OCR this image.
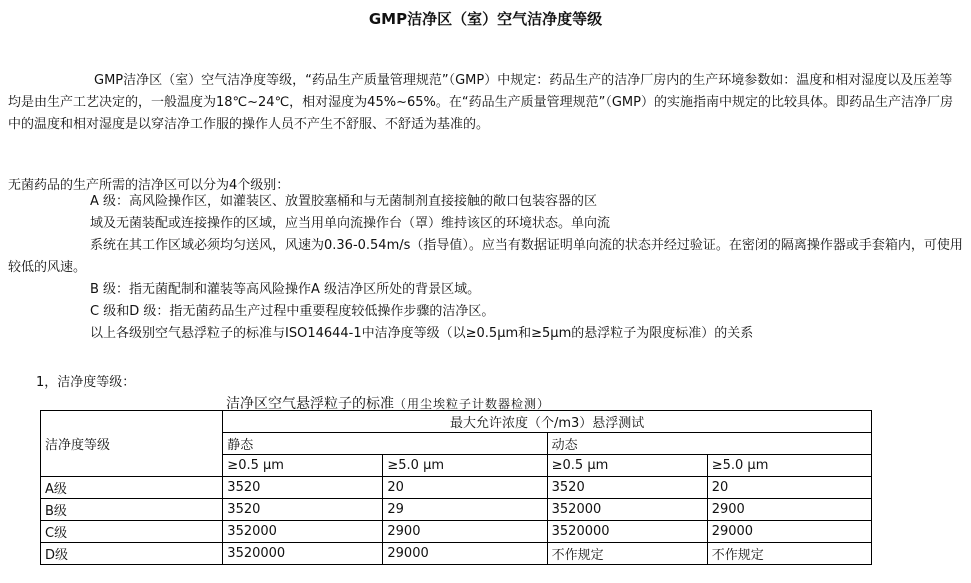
GMP洁净区（室）空气洁净度等级

GMP洁净区（室）空气洁净度等级，“药品生产质量管理规范”（GMP）中规定：药品生产的洁净厂房内的生产环境参数如：温度和相对湿度以及压差等均是由生产工艺决定的，一般温度为18℃~24℃，相对湿度为45%~65%。在“药品生产质量管理规范”（GMP）的实施指南中规定的比较具体。即药品生产洁净厂房中的温度和相对湿度是以穿洁净工作服的操作人员不产生不舒服、不舒适为基准的。

无菌药品的生产所需的洁净区可以分为4个级别：

A 级：高风险操作区，如灌装区、放置胶塞桶和与无菌制剂直接接触的敞口包装容器的区
域及无菌装配或连接操作的区域，应当用单向流操作台（罩）维持该区的环境状态。单向流
系统在其工作区域必须均匀送风，风速为0.36-0.54m/s（指导值）。应当有数据证明单向流的状态并经过验证。在密闭的隔离操作器或手套箱内，可使用较低的风速。
B 级：指无菌配制和灌装等高风险操作A 级洁净区所处的背景区域。
C 级和D 级：指无菌药品生产过程中重要程度较低操作步骤的洁净区。
以上各级别空气悬浮粒子的标准与ISO14644-1中洁净度等级（以≥0.5μm和≥5μm的悬浮粒子为限度标准）的关系
1，洁净度等级：
洁净区空气悬浮粒子的标准（用尘埃粒子计数器检测）
洁净度等级	最大允许浓度（个/m3）悬浮测试			
	静态		动态	
	≥0.5 μm	≥5.0 μm	≥0.5 μm	≥5.0 μm
A级	3520	20	3520	20
B级	3520	29	352000	2900
C级	352000	2900	3520000	29000
D级	3520000	29000	不作规定	不作规定
